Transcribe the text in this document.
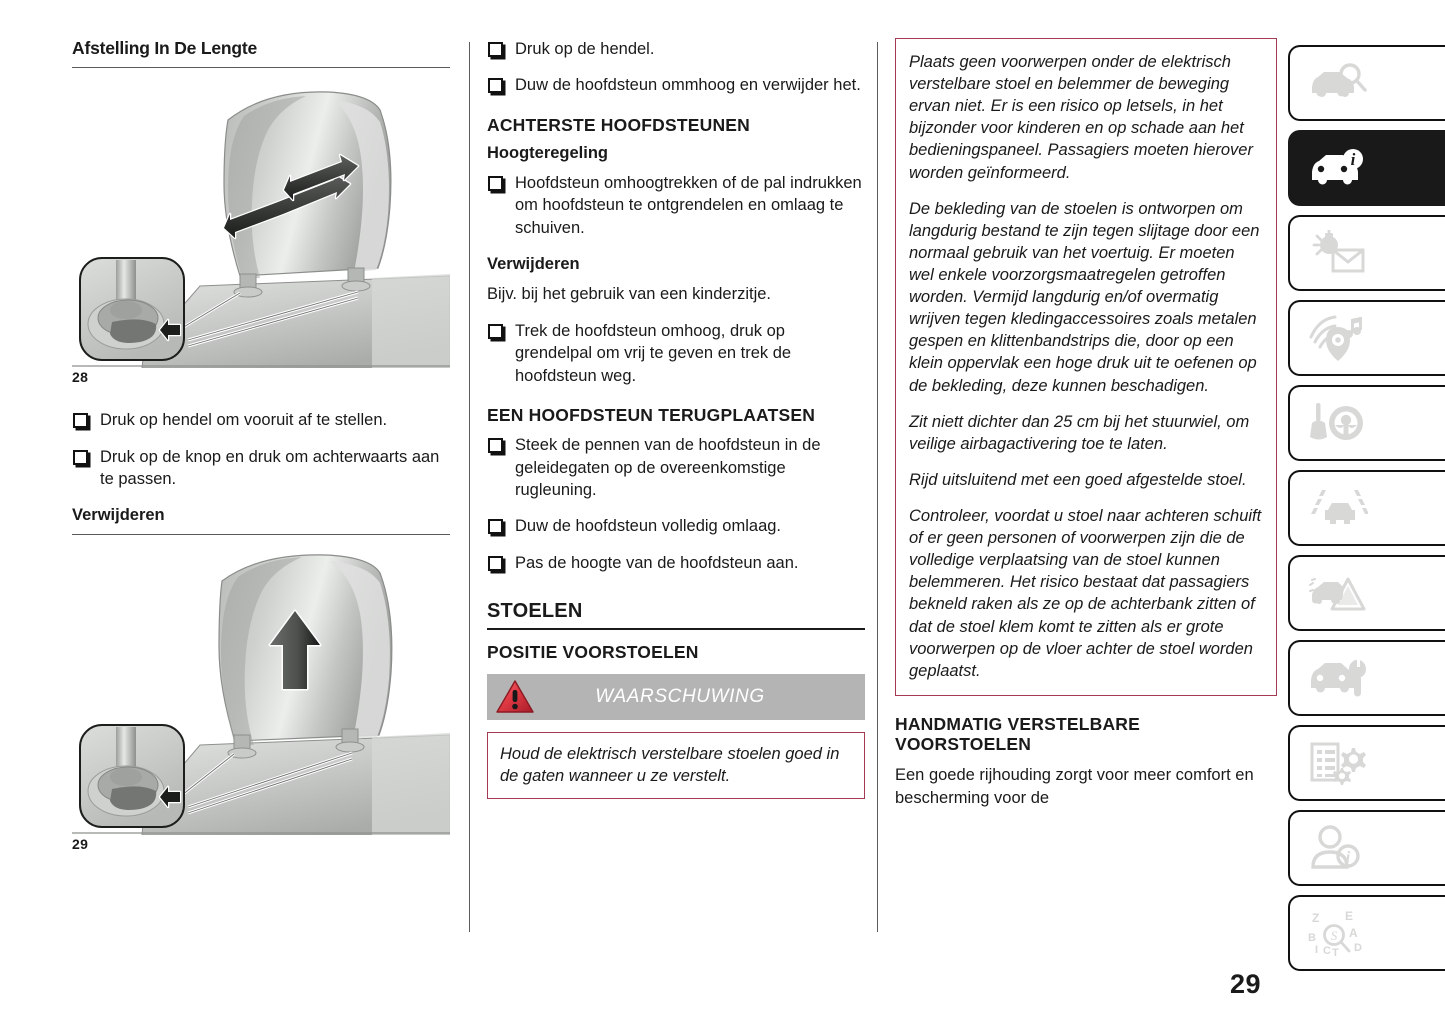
Afstelling In De Lengte
28
Druk op hendel om vooruit af te stellen.
Druk op de knop en druk om achterwaarts aan te passen.
Verwijderen
29
Druk op de hendel.
Duw de hoofdsteun ommhoog en verwijder het.
ACHTERSTE HOOFDSTEUNEN
Hoogteregeling
Hoofdsteun omhoogtrekken of de pal indrukken om hoofdsteun te ontgrendelen en omlaag te schuiven.
Verwijderen

Bijv. bij het gebruik van een kinderzitje.

Trek de hoofdsteun omhoog, druk op grendelpal om vrij te geven en trek de hoofdsteun weg.
EEN HOOFDSTEUN TERUGPLAATSEN
Steek de pennen van de hoofdsteun in de geleidegaten op de overeenkomstige rugleuning.
Duw de hoofdsteun volledig omlaag.
Pas de hoogte van de hoofdsteun aan.
STOELEN
POSITIE VOORSTOELEN
WAARSCHUWING

Houd de elektrisch verstelbare stoelen goed in de gaten wanneer u ze verstelt.

Plaats geen voorwerpen onder de elektrisch verstelbare stoel en belemmer de beweging ervan niet. Er is een risico op letsels, in het bijzonder voor kinderen en op schade aan het bedieningspaneel. Passagiers moeten hierover worden geïnformeerd.

De bekleding van de stoelen is ontworpen om langdurig bestand te zijn tegen slijtage door een normaal gebruik van het voertuig. Er moeten wel enkele voorzorgsmaatregelen getroffen worden. Vermijd langdurig en/of overmatig wrijven tegen kledingaccessoires zoals metalen gespen en klittenbandstrips die, door op een klein oppervlak een hoge druk uit te oefenen op de bekleding, deze kunnen beschadigen.

Zit niett dichter dan 25 cm bij het stuurwiel, om veilige airbagactivering toe te laten.

Rijd uitsluitend met een goed afgestelde stoel.

Controleer, voordat u stoel naar achteren schuift of er geen personen of voorwerpen zijn die de volledige verplaatsing van de stoel kunnen belemmeren. Het risico bestaat dat passagiers bekneld raken als ze op de achterbank zitten of dat de stoel klem komt te zitten als er grote voorwerpen op de vloer achter de stoel worden geplaatst.

HANDMATIG VERSTELBARE VOORSTOELEN

Een goede rijhouding zorgt voor meer comfort en bescherming voor de

i
i
Z
B
I C T
E
A
D
S
29
